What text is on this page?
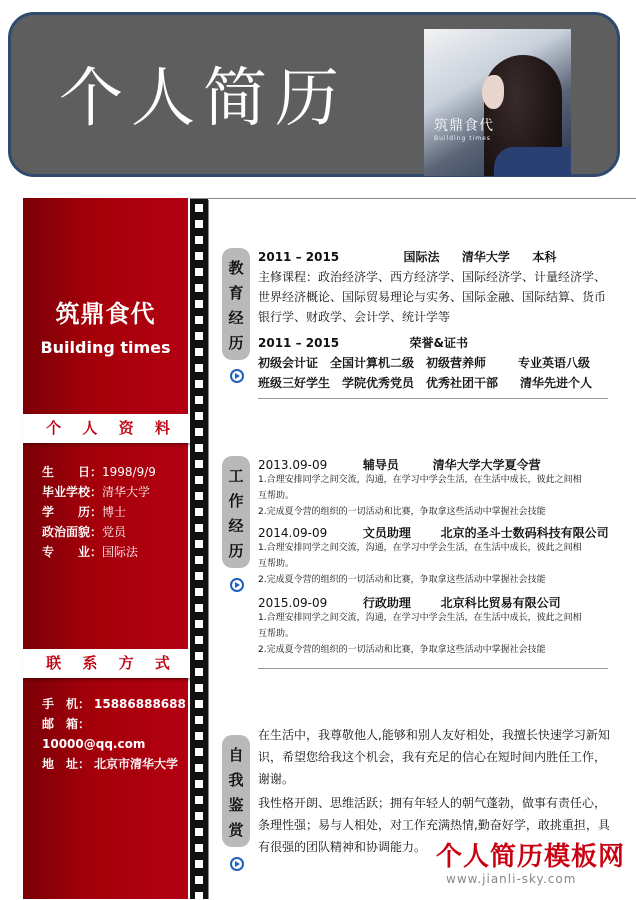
个人简历	筑鼎食代
Building times
筑鼎食代
Building times
个 人 资 料
生　　日：1998/9/9
毕业学校：清华大学
学　　历：博士
政治面貌：党员
专　　业：国际法
联 系 方 式
手　机： 15886888688
邮　箱：10000@qq.com
地　址： 北京市清华大学
教
育
经
历
2011 – 2015	国际法 清华大学 本科
主修课程：政治经济学、西方经济学、国际经济学、计量经济学、
世界经济概论、国际贸易理论与实务、国际金融、国际结算、货币
银行学、财政学、会计学、统计学等
2011 – 2015	荣誉&证书
初级会计证 全国计算机二级 初级营养师	专业英语八级
班级三好学生 学院优秀党员 优秀社团干部 清华先进个人
工
作
经
历
2013.09-09	辅导员	清华大学大学夏令营
1.合理安排同学之间交流，沟通，在学习中学会生活，在生活中成长，彼此之间相
互帮助。
2.完成夏令营的组织的一切活动和比赛，争取拿这些活动中掌握社会技能
2014.09-09	文员助理 北京的圣斗士数码科技有限公司
1.合理安排同学之间交流，沟通，在学习中学会生活，在生活中成长，彼此之间相
互帮助。
2.完成夏令营的组织的一切活动和比赛，争取拿这些活动中掌握社会技能
2015.09-09	行政助理 北京科比贸易有限公司
1.合理安排同学之间交流，沟通，在学习中学会生活，在生活中成长，彼此之间相
互帮助。
2.完成夏令营的组织的一切活动和比赛，争取拿这些活动中掌握社会技能
自
我
鉴
赏
在生活中，我尊敬他人,能够和别人友好相处，我擅长快速学习新知识，希望您给我这个机会，我有充足的信心在短时间内胜任工作，谢谢。
我性格开朗、思维活跃；拥有年轻人的朝气蓬勃，做事有责任心，条理性强；易与人相处，对工作充满热情,勤奋好学，敢挑重担，具有很强的团队精神和协调能力。 个人简历模板网
www.jianli-sky.com
